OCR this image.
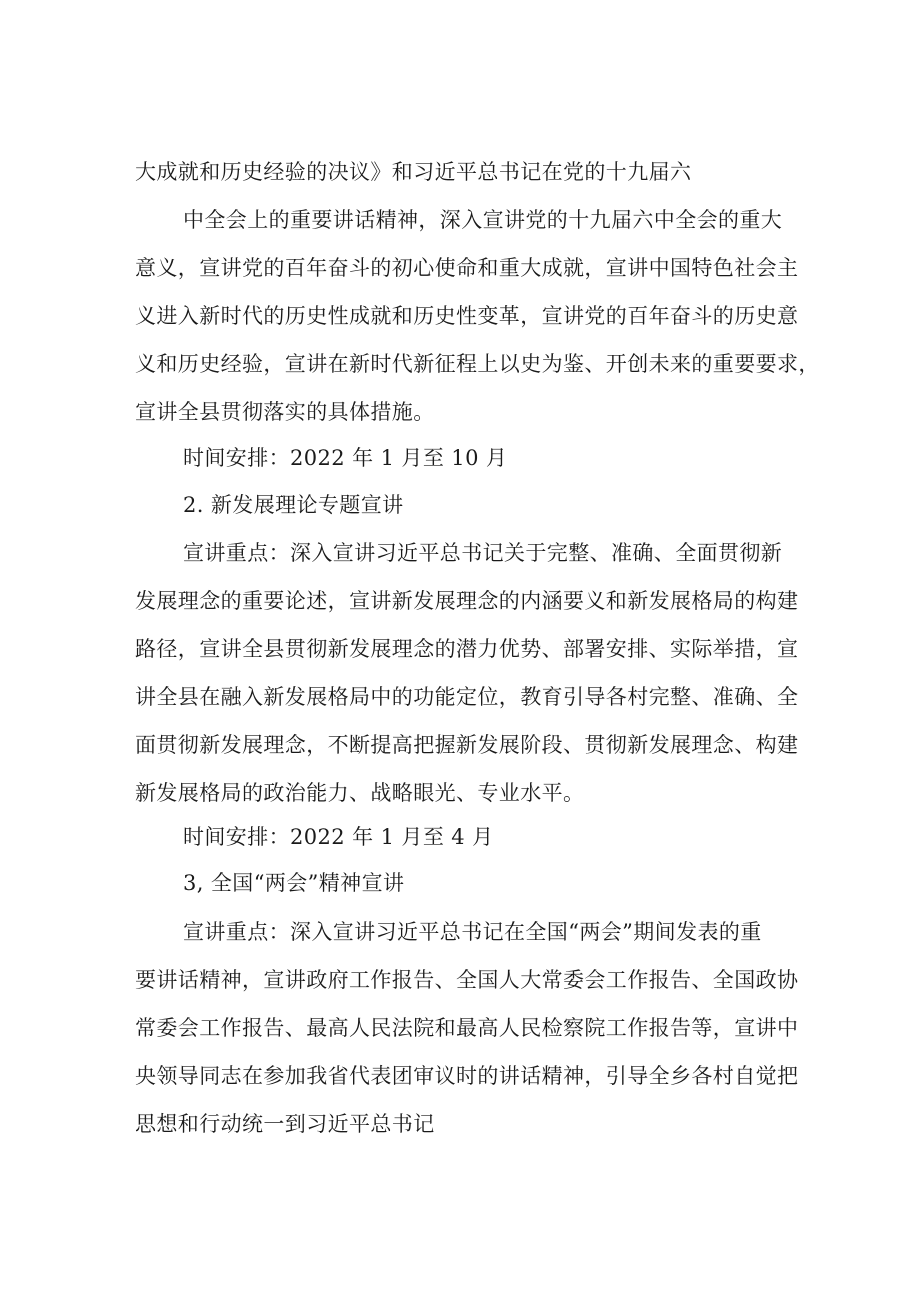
大成就和历史经验的决议》和习近平总书记在党的十九届六
中全会上的重要讲话精神，深入宣讲党的十九届六中全会的重大
意义，宣讲党的百年奋斗的初心使命和重大成就，宣讲中国特色社会主
义进入新时代的历史性成就和历史性变革，宣讲党的百年奋斗的历史意
义和历史经验，宣讲在新时代新征程上以史为鉴、开创未来的重要要求，
宣讲全县贯彻落实的具体措施。
时间安排：2022 年 1 月至 10 月
2. 新发展理论专题宣讲
宣讲重点：深入宣讲习近平总书记关于完整、准确、全面贯彻新
发展理念的重要论述，宣讲新发展理念的内涵要义和新发展格局的构建
路径，宣讲全县贯彻新发展理念的潜力优势、部署安排、实际举措，宣
讲全县在融入新发展格局中的功能定位，教育引导各村完整、准确、全
面贯彻新发展理念，不断提高把握新发展阶段、贯彻新发展理念、构建
新发展格局的政治能力、战略眼光、专业水平。
时间安排：2022 年 1 月至 4 月
3, 全国“两会”精神宣讲
宣讲重点：深入宣讲习近平总书记在全国“两会”期间发表的重
要讲话精神，宣讲政府工作报告、全国人大常委会工作报告、全国政协
常委会工作报告、最高人民法院和最高人民检察院工作报告等，宣讲中
央领导同志在参加我省代表团审议时的讲话精神，引导全乡各村自觉把
思想和行动统一到习近平总书记
